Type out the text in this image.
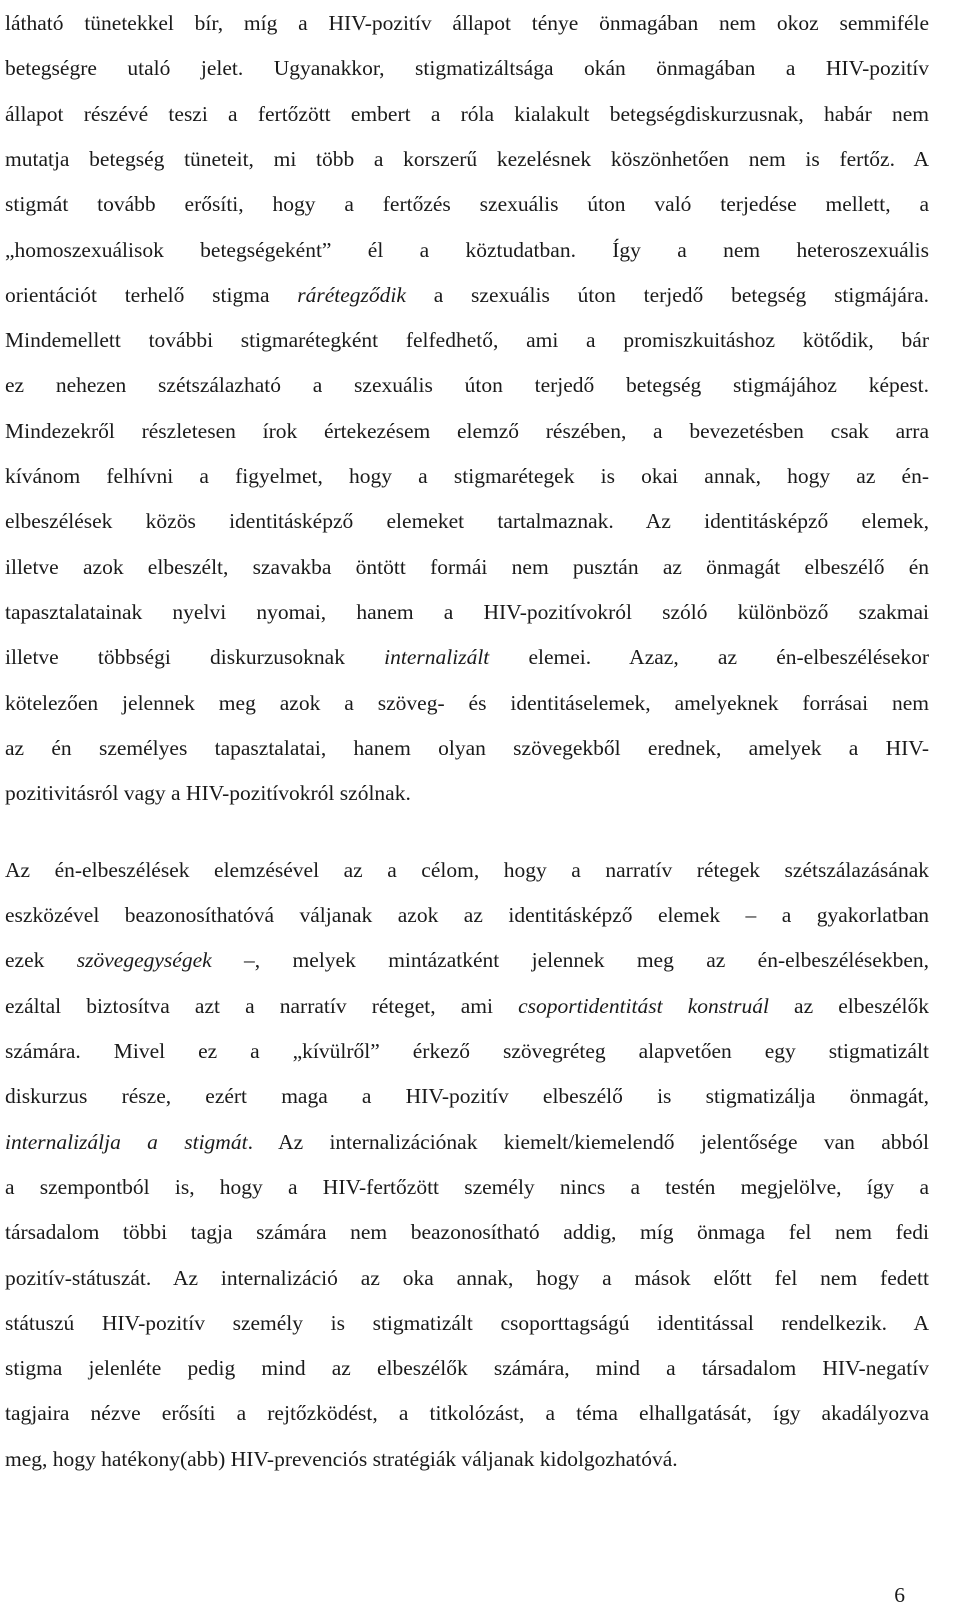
látható tünetekkel bír, míg a HIV-pozitív állapot ténye önmagában nem okoz semmiféle
betegségre utaló jelet. Ugyanakkor, stigmatizáltsága okán önmagában a HIV-pozitív
állapot részévé teszi a fertőzött embert a róla kialakult betegségdiskurzusnak, habár nem
mutatja betegség tüneteit, mi több a korszerű kezelésnek köszönhetően nem is fertőz. A
stigmát tovább erősíti, hogy a fertőzés szexuális úton való terjedése mellett, a
„homoszexuálisok betegségeként” él a köztudatban. Így a nem heteroszexuális
orientációt terhelő stigma rárétegződik a szexuális úton terjedő betegség stigmájára.
Mindemellett további stigmarétegként felfedhető, ami a promiszkuitáshoz kötődik, bár
ez nehezen szétszálazható a szexuális úton terjedő betegség stigmájához képest.
Mindezekről részletesen írok értekezésem elemző részében, a bevezetésben csak arra
kívánom felhívni a figyelmet, hogy a stigmarétegek is okai annak, hogy az én-
elbeszélések közös identitásképző elemeket tartalmaznak. Az identitásképző elemek,
illetve azok elbeszélt, szavakba öntött formái nem pusztán az önmagát elbeszélő én
tapasztalatainak nyelvi nyomai, hanem a HIV-pozitívokról szóló különböző szakmai
illetve többségi diskurzusoknak internalizált elemei. Azaz, az én-elbeszélésekor
kötelezően jelennek meg azok a szöveg- és identitáselemek, amelyeknek forrásai nem
az én személyes tapasztalatai, hanem olyan szövegekből erednek, amelyek a HIV-
pozitivitásról vagy a HIV-pozitívokról szólnak.
Az én-elbeszélések elemzésével az a célom, hogy a narratív rétegek szétszálazásának
eszközével beazonosíthatóvá váljanak azok az identitásképző elemek – a gyakorlatban
ezek szövegegységek –, melyek mintázatként jelennek meg az én-elbeszélésekben,
ezáltal biztosítva azt a narratív réteget, ami csoportidentitást konstruál az elbeszélők
számára. Mivel ez a „kívülről” érkező szövegréteg alapvetően egy stigmatizált
diskurzus része, ezért maga a HIV-pozitív elbeszélő is stigmatizálja önmagát,
internalizálja a stigmát. Az internalizációnak kiemelt/kiemelendő jelentősége van abból
a szempontból is, hogy a HIV-fertőzött személy nincs a testén megjelölve, így a
társadalom többi tagja számára nem beazonosítható addig, míg önmaga fel nem fedi
pozitív-státuszát. Az internalizáció az oka annak, hogy a mások előtt fel nem fedett
státuszú HIV-pozitív személy is stigmatizált csoporttagságú identitással rendelkezik. A
stigma jelenléte pedig mind az elbeszélők számára, mind a társadalom HIV-negatív
tagjaira nézve erősíti a rejtőzködést, a titkolózást, a téma elhallgatását, így akadályozva
meg, hogy hatékony(abb) HIV-prevenciós stratégiák váljanak kidolgozhatóvá.
6
